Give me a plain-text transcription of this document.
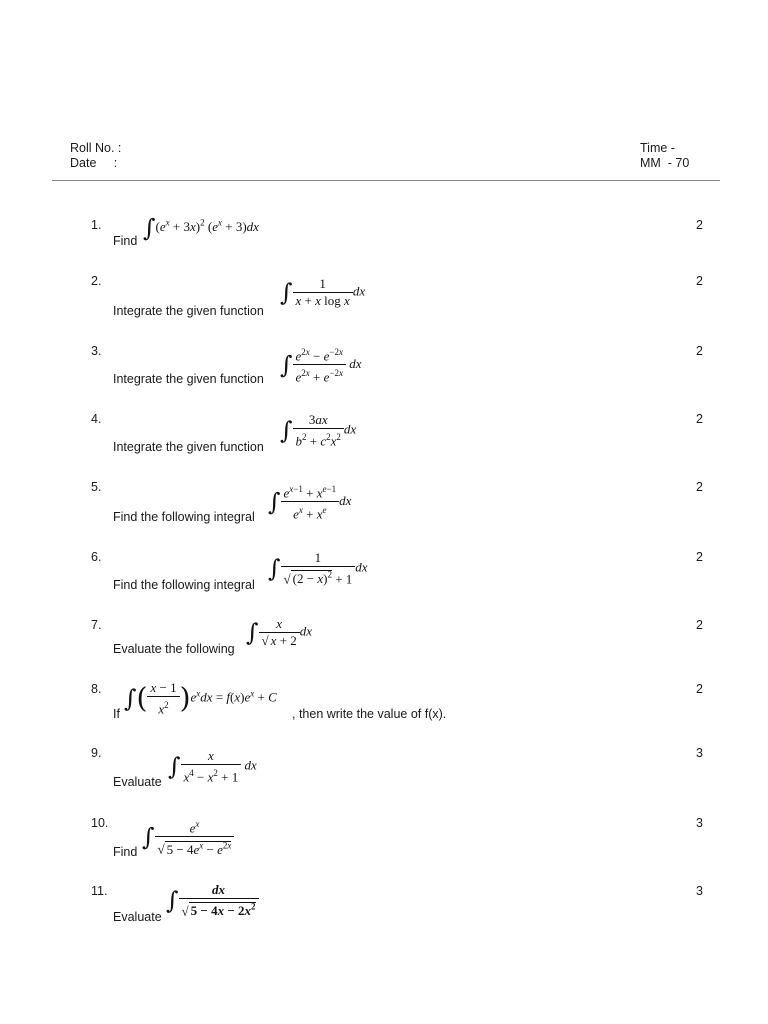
Roll No. :
Date     :
Time -
MM  - 70
1.
Find $\int(e^x + 3x)^2$ $(e^x + 3)dx$	2
2.
Integrate the given function
∫ $\frac{1}{\text{x + x log x}}$ dx
2
3.
Integrate the given function
∫ $\frac{e^{2x} - e^{-2x}}{e^{2x} + e^{-2x}}$ dx
2
4.
Integrate the given function
∫ $\frac{3ax}{b^2 + c^2x^2}$ dx
2
5.
Find the following integral
∫ $\frac{e^{x-1} + x^{e-1}}{e^x + x^e}$ dx
2
6.
Find the following integral
∫ $\frac{1}{√ (2 - x)^2 + 1}$ dx
2
7.
Evaluate the following
∫ $\frac{x}{√ x + 2}$ dx	2
8.
If
∫( $\frac{x - 1}{x^2} )e^xdx = f(x)e^x + C$
, then write the value of f(x).
2
9.
Evaluate
∫ $\frac{x}{x^4 - x^2 + 1}$ dx
3
10.
Find
∫ $\frac{e^x}{√ 5 - 4e^x - e^{2x}}$	3
11.
Evaluate
∫ $\frac{dx}{√ 5 - 4x - 2x^2}$	3
